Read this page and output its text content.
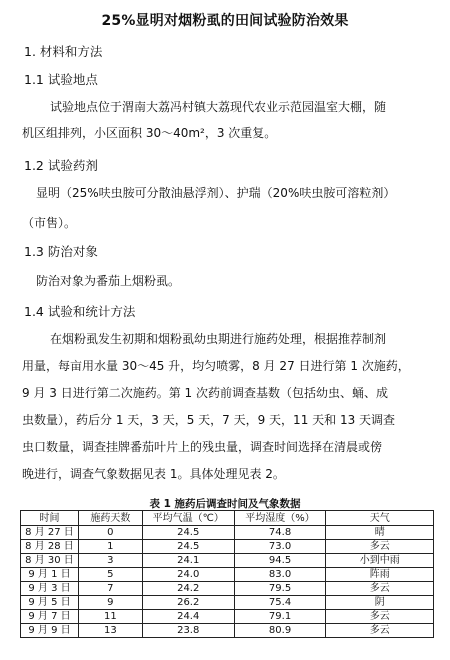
25%显明对烟粉虱的田间试验防治效果
1. 材料和方法
1.1 试验地点
试验地点位于渭南大荔冯村镇大荔现代农业示范园温室大棚，随
机区组排列，小区面积 30～40m²，3 次重复。
1.2 试验药剂
显明（25%呋虫胺可分散油悬浮剂）、护瑞（20%呋虫胺可溶粒剂）
（市售）。
1.3 防治对象
防治对象为番茄上烟粉虱。
1.4 试验和统计方法
在烟粉虱发生初期和烟粉虱幼虫期进行施药处理，根据推荐制剂
用量，每亩用水量 30～45 升，均匀喷雾，8 月 27 日进行第 1 次施药，
9 月 3 日进行第二次施药。第 1 次药前调查基数（包括幼虫、蛹、成
虫数量），药后分 1 天，3 天，5 天，7 天，9 天，11 天和 13 天调查
虫口数量，调查挂牌番茄叶片上的残虫量，调查时间选择在清晨或傍
晚进行，调查气象数据见表 1。具体处理见表 2。
表 1 施药后调查时间及气象数据
时间	施药天数	平均气温（℃）	平均湿度（%）	天气
8 月 27 日	0	24.5	74.8	晴
8 月 28 日	1	24.5	73.0	多云
8 月 30 日	3	24.1	94.5	小到中雨
9 月 1 日	5	24.0	83.0	阵雨
9 月 3 日	7	24.2	79.5	多云
9 月 5 日	9	26.2	75.4	阴
9 月 7 日	11	24.4	79.1	多云
9 月 9 日	13	23.8	80.9	多云
